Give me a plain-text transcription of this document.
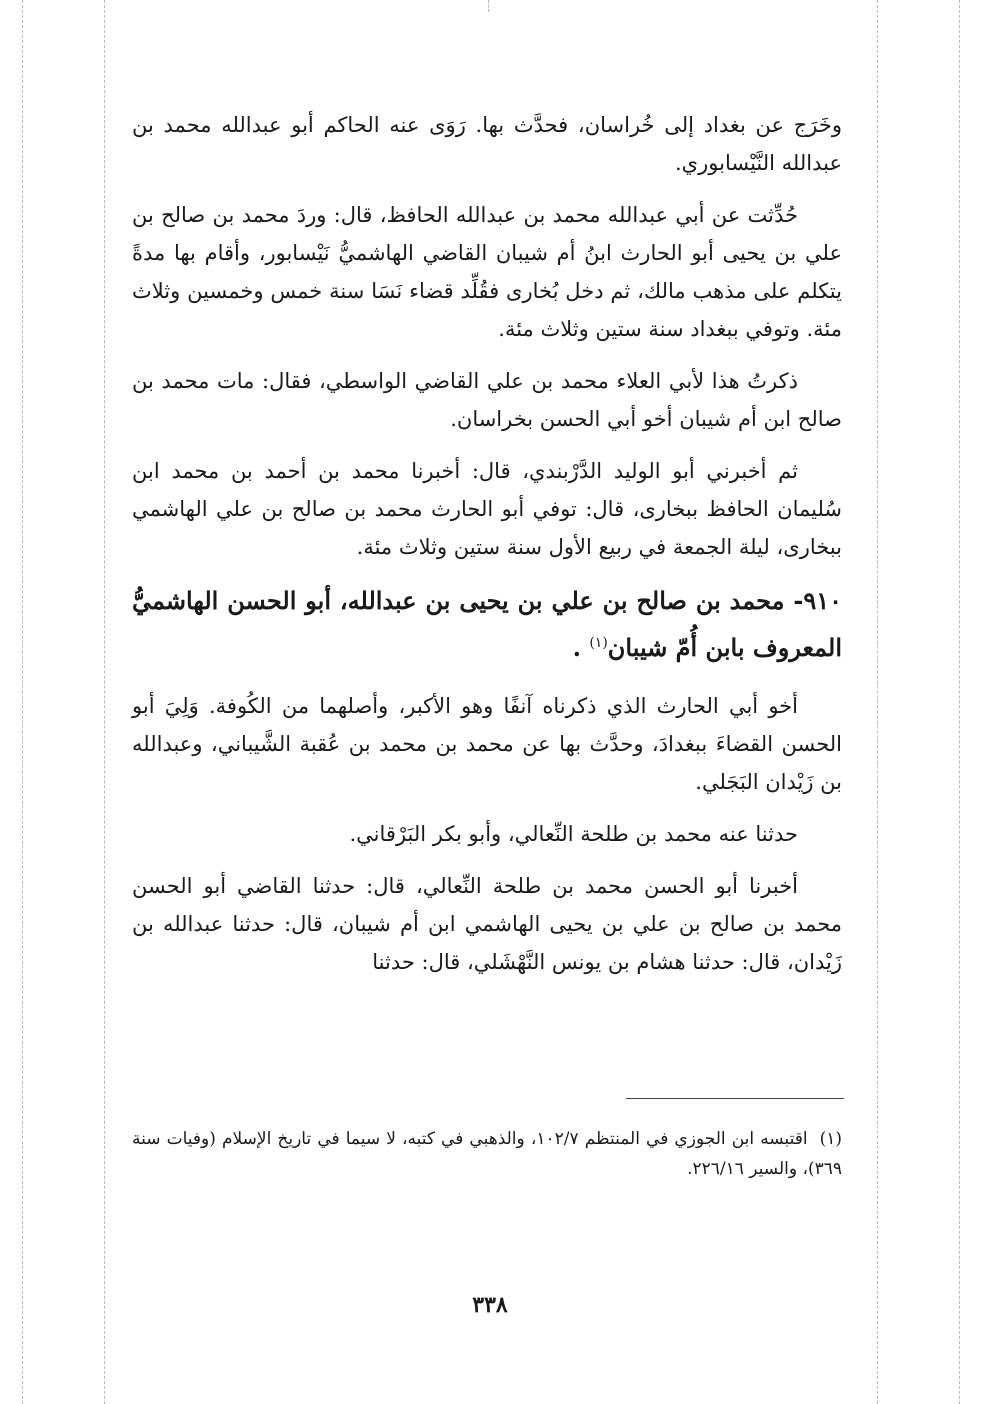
وخَرَج عن بغداد إلى خُراسان، فحدَّث بها. رَوَى عنه الحاكم أبو عبدالله محمد بن عبدالله النَّيْسابوري.

حُدِّثت عن أبي عبدالله محمد بن عبدالله الحافظ، قال: وردَ محمد بن صالح بن علي بن يحيى أبو الحارث ابنُ أم شيبان القاضي الهاشميُّ نَيْسابور، وأقام بها مدةً يتكلم على مذهب مالك، ثم دخل بُخارى فقُلِّد قضاء نَسَا سنة خمس وخمسين وثلاث مئة. وتوفي ببغداد سنة ستين وثلاث مئة.

ذكرتُ هذا لأبي العلاء محمد بن علي القاضي الواسطي، فقال: مات محمد بن صالح ابن أم شيبان أخو أبي الحسن بخراسان.

ثم أخبرني أبو الوليد الدَّرْبندي، قال: أخبرنا محمد بن أحمد بن محمد ابن سُليمان الحافظ ببخارى، قال: توفي أبو الحارث محمد بن صالح بن علي الهاشمي ببخارى، ليلة الجمعة في ربيع الأول سنة ستين وثلاث مئة.

٩١٠- محمد بن صالح بن علي بن يحيى بن عبدالله، أبو الحسن الهاشميُّ المعروف بابن أُمّ شيبان$^{(١)}$ .

أخو أبي الحارث الذي ذكرناه آنفًا وهو الأكبر، وأصلهما من الكُوفة. وَلِيَ أبو الحسن القضاءَ ببغدادَ، وحدَّث بها عن محمد بن محمد بن عُقبة الشَّيباني، وعبدالله بن زَيْدان البَجَلي.

حدثنا عنه محمد بن طلحة النِّعالي، وأبو بكر البَرْقاني.

أخبرنا أبو الحسن محمد بن طلحة النِّعالي، قال: حدثنا القاضي أبو الحسن محمد بن صالح بن علي بن يحيى الهاشمي ابن أم شيبان، قال: حدثنا عبدالله بن زَيْدان، قال: حدثنا هشام بن يونس النَّهْشَلي، قال: حدثنا

(١)اقتبسه ابن الجوزي في المنتظم ١٠٢/٧، والذهبي في كتبه، لا سيما في تاريخ الإسلام (وفيات سنة ٣٦٩)، والسير ٢٢٦/١٦.
٣٣٨
